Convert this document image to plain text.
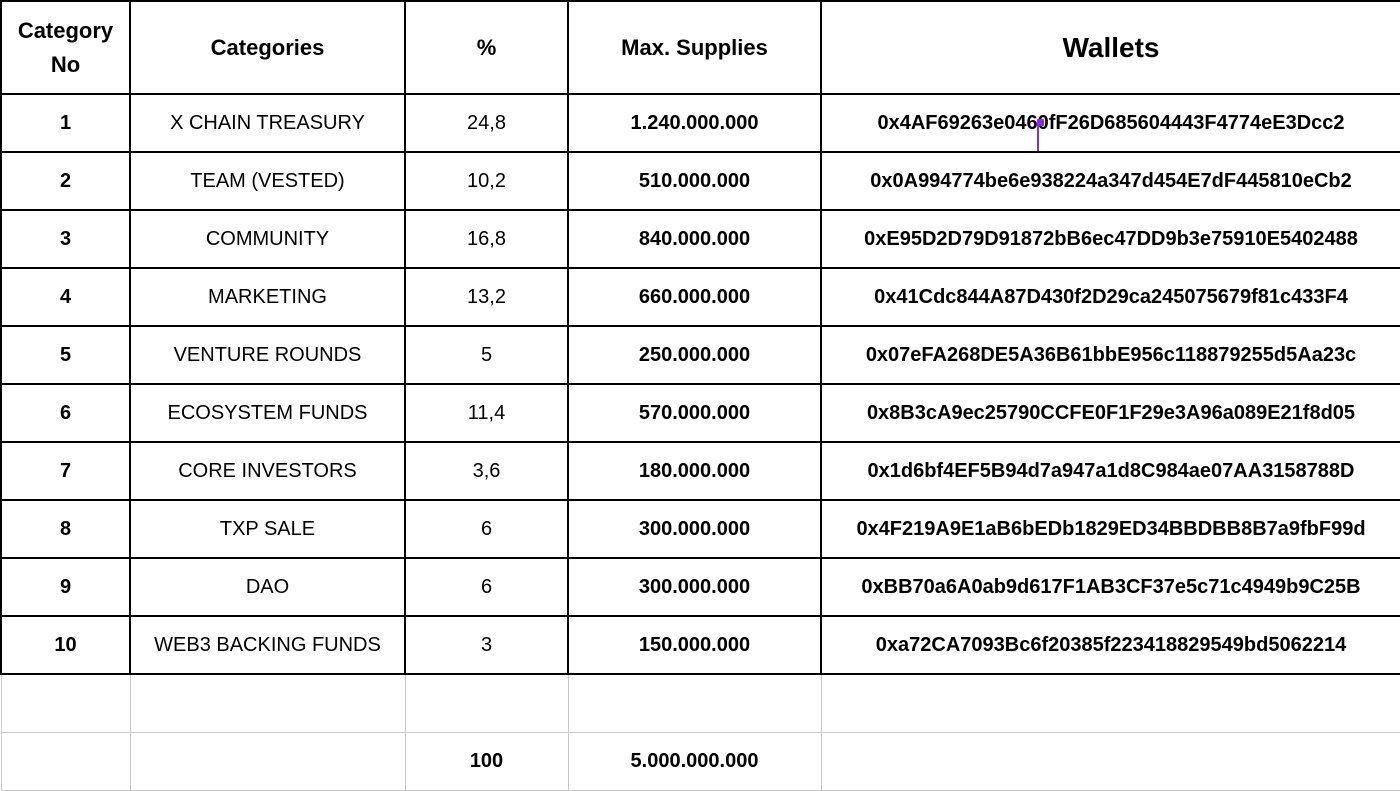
Category No	Categories	%	Max. Supplies	Wallets
1	X CHAIN TREASURY	24,8	1.240.000.000	0x4AF69263e0460fF26D685604443F4774eE3Dcc2
2	TEAM (VESTED)	10,2	510.000.000	0x0A994774be6e938224a347d454E7dF445810eCb2
3	COMMUNITY	16,8	840.000.000	0xE95D2D79D91872bB6ec47DD9b3e75910E5402488
4	MARKETING	13,2	660.000.000	0x41Cdc844A87D430f2D29ca245075679f81c433F4
5	VENTURE ROUNDS	5	250.000.000	0x07eFA268DE5A36B61bbE956c118879255d5Aa23c
6	ECOSYSTEM FUNDS	11,4	570.000.000	0x8B3cA9ec25790CCFE0F1F29e3A96a089E21f8d05
7	CORE INVESTORS	3,6	180.000.000	0x1d6bf4EF5B94d7a947a1d8C984ae07AA3158788D
8	TXP SALE	6	300.000.000	0x4F219A9E1aB6bEDb1829ED34BBDBB8B7a9fbF99d
9	DAO	6	300.000.000	0xBB70a6A0ab9d617F1AB3CF37e5c71c4949b9C25B
10	WEB3 BACKING FUNDS	3	150.000.000	0xa72CA7093Bc6f20385f223418829549bd5062214

		100	5.000.000.000	
